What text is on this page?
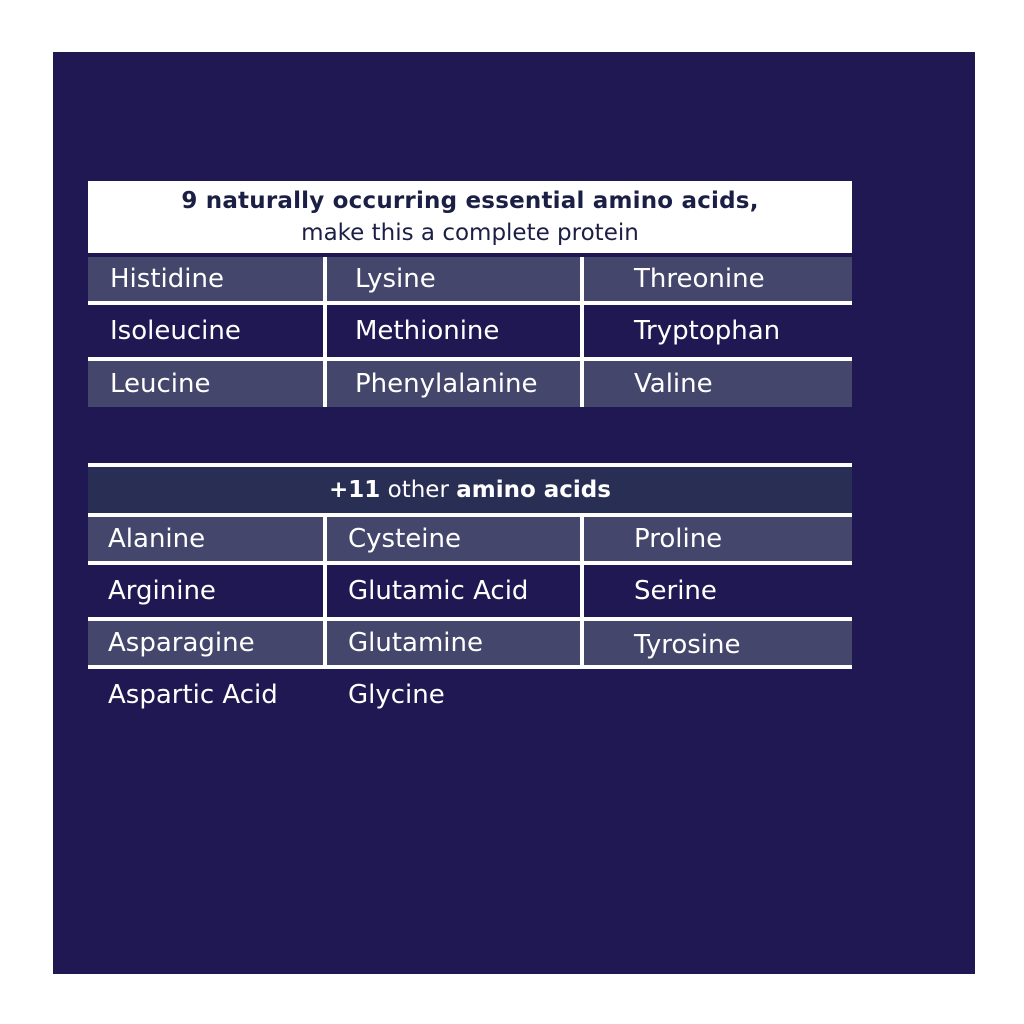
9 naturally occurring essential amino acids,
make this a complete protein
Histidine	Lysine	Threonine
Isoleucine	Methionine	Tryptophan
Leucine	Phenylalanine	Valine
+11 other amino acids
Alanine	Cysteine	Proline
Arginine	Glutamic Acid	Serine
Asparagine	Glutamine	Tyrosine
Aspartic Acid	Glycine
